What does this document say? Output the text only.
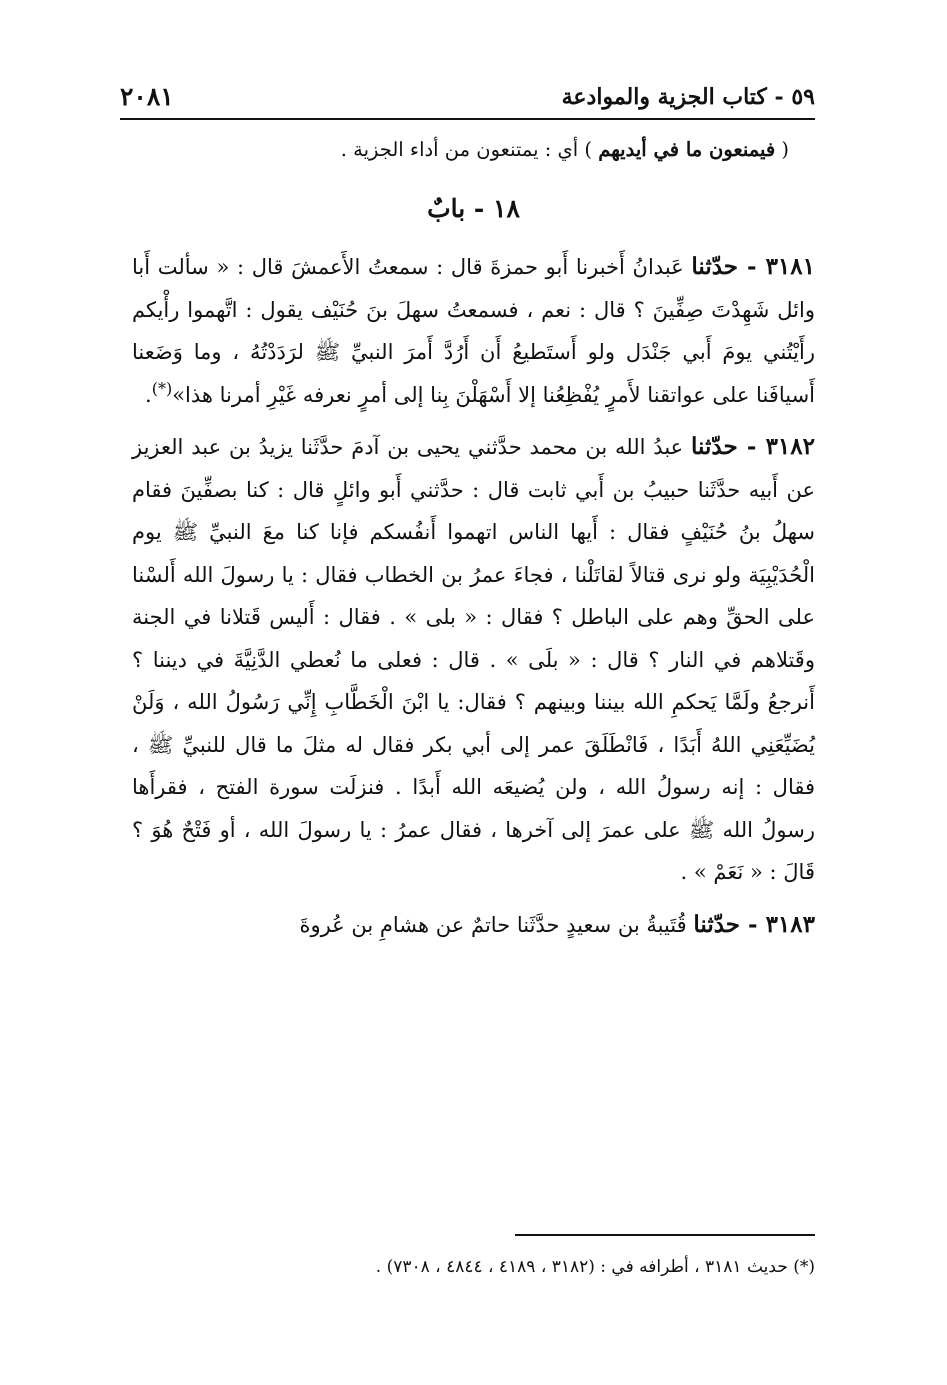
٥٩ - كتاب الجزية والموادعة
٢٠٨١

( فيمنعون ما في أيديهم ) أي : يمتنعون من أداء الجزية .

١٨ - بابٌ

٣١٨١ - حدّثنا عَبدانُ أَخبرنا أَبو حمزةَ قال : سمعتُ الأَعمشَ قال : « سألت أَبا وائل شَهِدْتَ صِفِّينَ ؟ قال : نعم ، فسمعتُ سهلَ بنَ حُنَيْف يقول : اتَّهموا رأْيكم رأَيْتُني يومَ أَبي جَنْدَل ولو أَستَطيعُ أَن أَرُدَّ أَمرَ النبيِّ ﷺ لرَدَدْتُهُ ، وما وَضَعنا أَسيافَنا على عواتقنا لأَمرٍ يُفْظِعُنا إلا أَسْهَلْنَ بِنا إلى أمرٍ نعرفه غَيْرِ أمرنا هذا»(*).

٣١٨٢ - حدّثنا عبدُ الله بن محمد حدَّثني يحيى بن آدمَ حدَّثَنا يزيدُ بن عبد العزيز عن أَبيه حدَّثَنا حبيبُ بن أَبي ثابت قال : حدَّثني أَبو وائلٍ قال : كنا بصفِّينَ فقام سهلُ بنُ حُنَيْفٍ فقال : أَيها الناس اتهموا أَنفُسكم فإنا كنا معَ النبيِّ ﷺ يوم الْحُدَيْبِيَة ولو نرى قتالاً لقاتَلْنا ، فجاءَ عمرُ بن الخطاب فقال : يا رسولَ الله أَلسْنا على الحقِّ وهم على الباطل ؟ فقال : « بلى » . فقال : أَليس قَتلانا في الجنة وقَتلاهم في النار ؟ قال : « بلَى » . قال : فعلى ما نُعطي الدَّنِيَّةَ في ديننا ؟ أَنرجعُ ولَمَّا يَحكمِ الله بيننا وبينهم ؟ فقال: يا ابْنَ الْخَطَّابِ إِنِّي رَسُولُ الله ، وَلَنْ يُضَيِّعَنِي اللهُ أَبَدًا ، فَانْطَلَقَ عمر إلى أبي بكر فقال له مثلَ ما قال للنبيِّ ﷺ ، فقال : إنه رسولُ الله ، ولن يُضيعَه الله أَبدًا . فنزلَت سورة الفتح ، فقرأَها رسولُ الله ﷺ على عمرَ إلى آخرها ، فقال عمرُ : يا رسولَ الله ، أو فَتْحٌ هُوَ ؟ قَالَ : « نَعَمْ » .

٣١٨٣ - حدّثنا قُتَيبةُ بن سعيدٍ حدَّثَنا حاتمٌ عن هشامِ بن عُروةَ

(*) حديث ٣١٨١ ، أطرافه في : (٣١٨٢ ، ٤١٨٩ ، ٤٨٤٤ ، ٧٣٠٨) .
